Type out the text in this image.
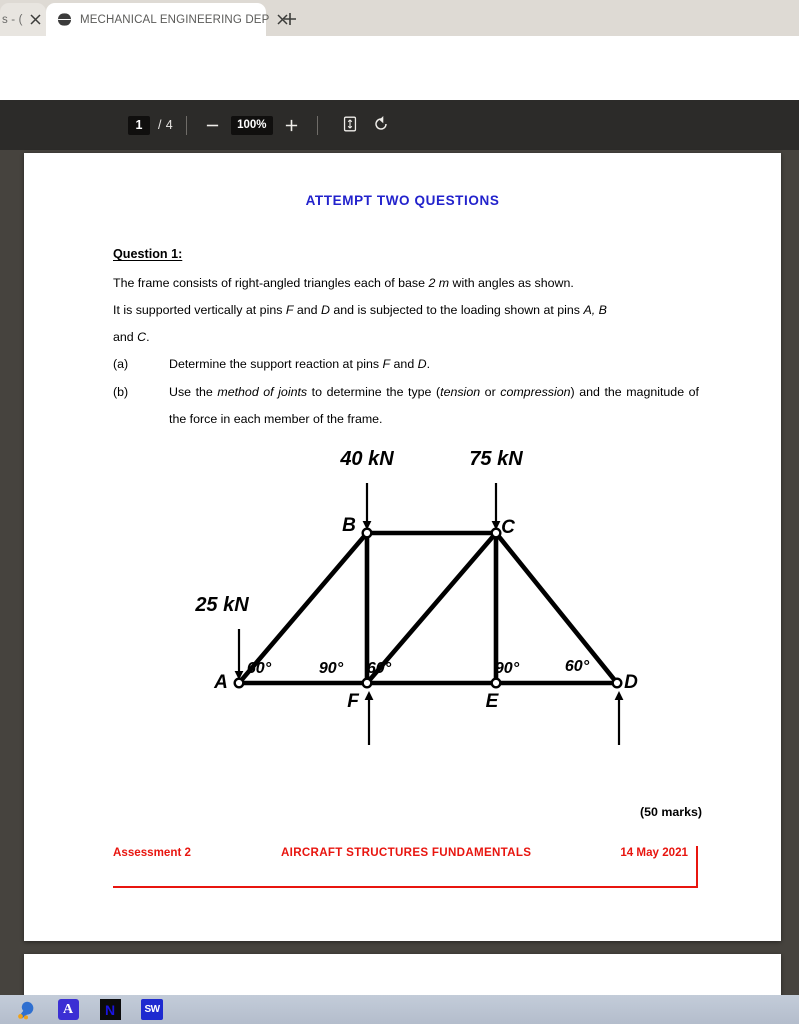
s - (	MECHANICAL ENGINEERING DEP
1	/ 4	100%
ATTEMPT TWO QUESTIONS
Question 1:
The frame consists of right-angled triangles each of base 2 m with angles as shown.
It is supported vertically at pins F and D and is subjected to the loading shown at pins A, B
and C.
(a)	Determine the support reaction at pins F and D.
(b)	Use the method of joints to determine the type (tension or compression) and the magnitude of the force in each member of the frame.
25 kN
40 kN	75 kN
A
B	C
D
E
F
60°	90° 60°	90°	60°
(50 marks)
Assessment 2	AIRCRAFT STRUCTURES FUNDAMENTALS	14 May 2021
A	N	SW
